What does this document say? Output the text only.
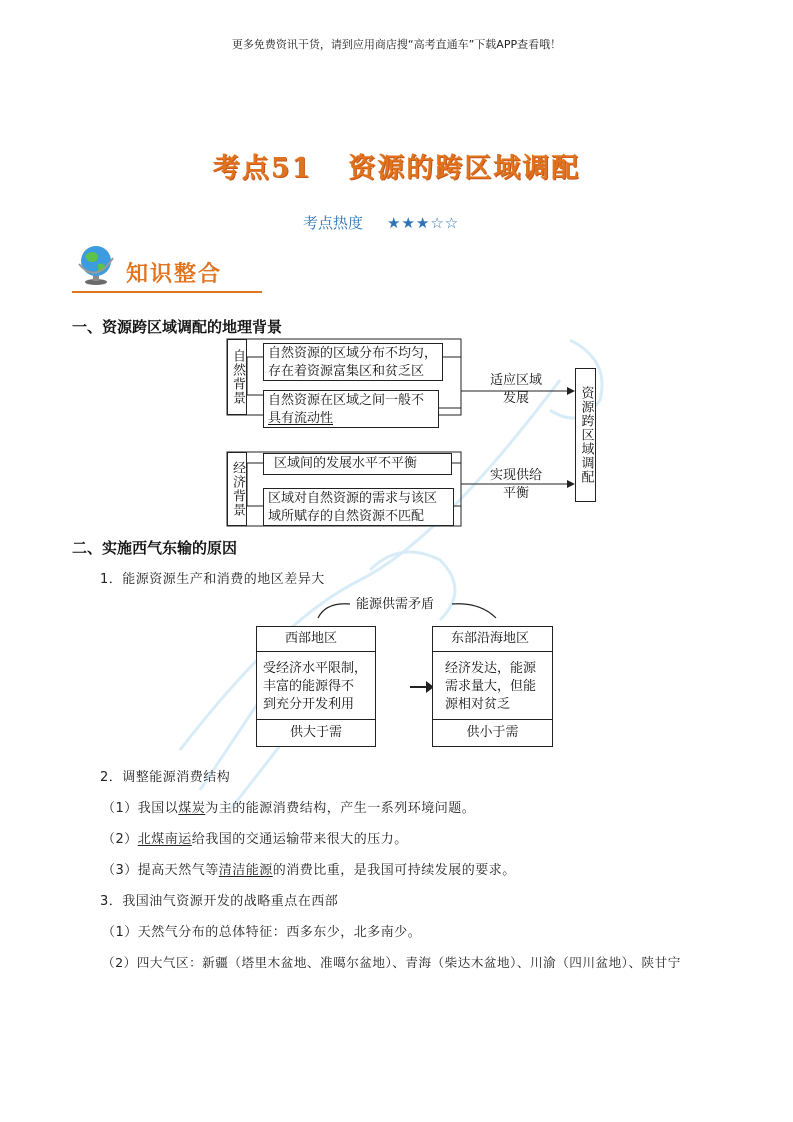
更多免费资讯干货，请到应用商店搜“高考直通车”下载APP查看哦！
考点51 资源的跨区域调配
考点热度 ★★★☆☆
知识整合
一、资源跨区域调配的地理背景
自然背景 自然资源的区域分布不均匀，
存在着资源富集区和贫乏区
自然资源在区域之间一般不
具有流动性
经济背景 区域间的发展水平不平衡
区域对自然资源的需求与该区
域所赋存的自然资源不匹配
适应区域
发展
实现供给
平衡
资源跨区域调配
二、实施西气东输的原因
1．能源资源生产和消费的地区差异大
能源供需矛盾
西部地区
受经济水平限制，
丰富的能源得不
到充分开发利用
供大于需
东部沿海地区
经济发达，能源
需求量大，但能
源相对贫乏
供小于需
2．调整能源消费结构
（1）我国以煤炭为主的能源消费结构，产生一系列环境问题。
（2）北煤南运给我国的交通运输带来很大的压力。
（3）提高天然气等清洁能源的消费比重，是我国可持续发展的要求。
3．我国油气资源开发的战略重点在西部
（1）天然气分布的总体特征：西多东少，北多南少。
（2）四大气区：新疆（塔里木盆地、准噶尔盆地）、青海（柴达木盆地）、川渝（四川盆地）、陕甘宁
